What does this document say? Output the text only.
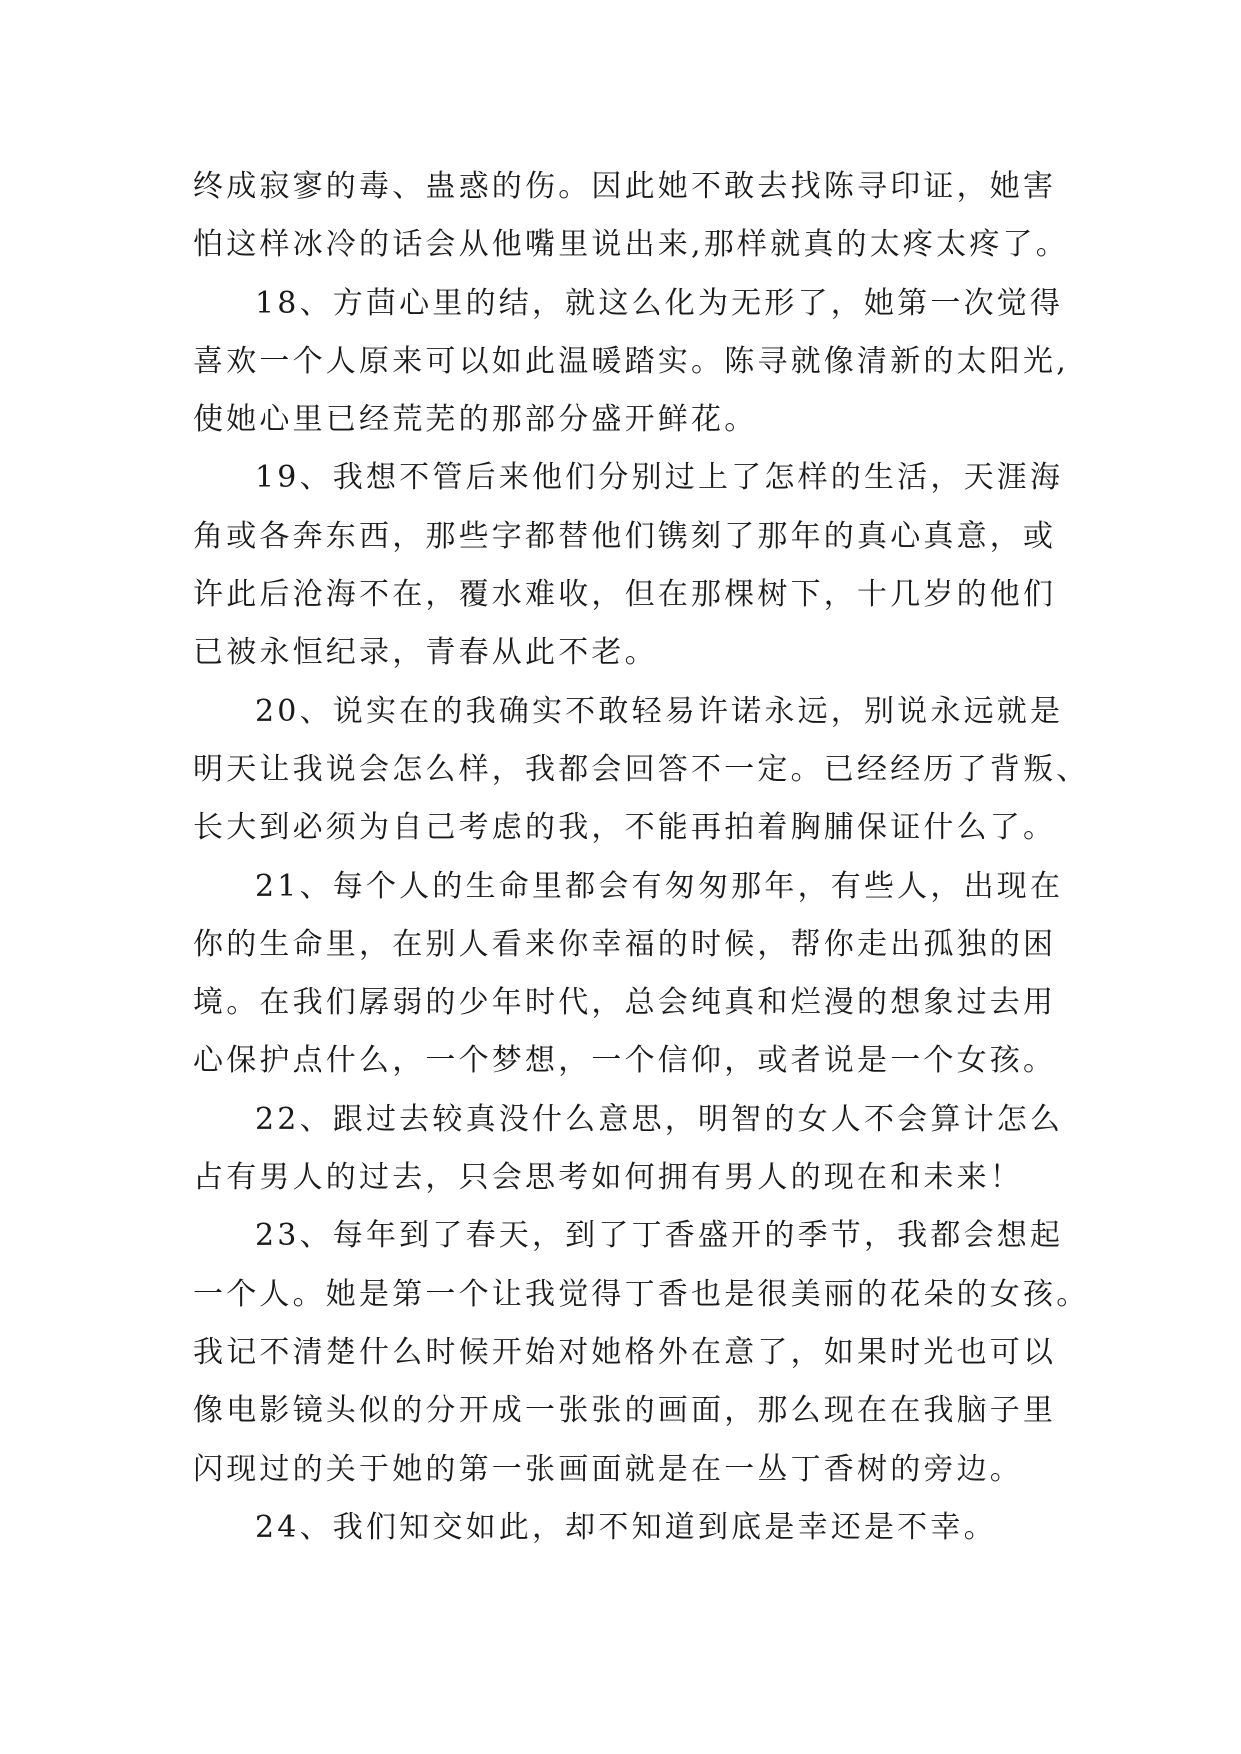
终成寂寥的毒、蛊惑的伤。因此她不敢去找陈寻印证，她害
怕这样冰冷的话会从他嘴里说出来,那样就真的太疼太疼了。

18、方茴心里的结，就这么化为无形了，她第一次觉得
喜欢一个人原来可以如此温暖踏实。陈寻就像清新的太阳光,
使她心里已经荒芜的那部分盛开鲜花。

19、我想不管后来他们分别过上了怎样的生活，天涯海
角或各奔东西，那些字都替他们镌刻了那年的真心真意，或
许此后沧海不在，覆水难收，但在那棵树下，十几岁的他们
已被永恒纪录，青春从此不老。

20、说实在的我确实不敢轻易许诺永远，别说永远就是
明天让我说会怎么样，我都会回答不一定。已经经历了背叛、
长大到必须为自己考虑的我，不能再拍着胸脯保证什么了。

21、每个人的生命里都会有匆匆那年，有些人，出现在
你的生命里，在别人看来你幸福的时候，帮你走出孤独的困
境。在我们孱弱的少年时代，总会纯真和烂漫的想象过去用
心保护点什么，一个梦想，一个信仰，或者说是一个女孩。

22、跟过去较真没什么意思，明智的女人不会算计怎么
占有男人的过去，只会思考如何拥有男人的现在和未来！

23、每年到了春天，到了丁香盛开的季节，我都会想起
一个人。她是第一个让我觉得丁香也是很美丽的花朵的女孩。
我记不清楚什么时候开始对她格外在意了，如果时光也可以
像电影镜头似的分开成一张张的画面，那么现在在我脑子里
闪现过的关于她的第一张画面就是在一丛丁香树的旁边。

24、我们知交如此，却不知道到底是幸还是不幸。
